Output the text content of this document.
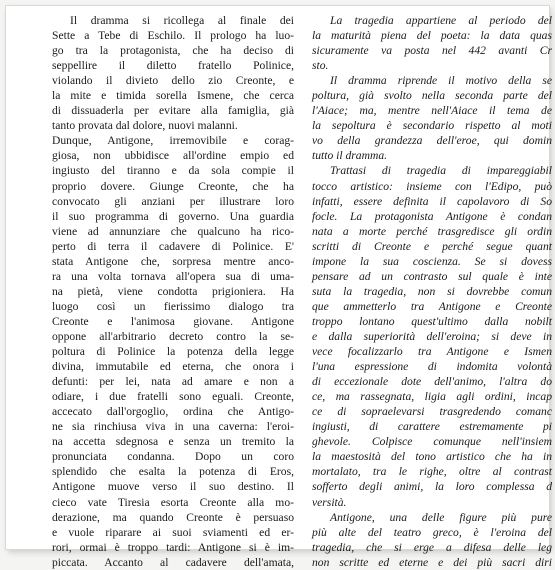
Il dramma si ricollega al finale dei
Sette a Tebe di Eschilo. Il prologo ha luo-
go tra la protagonista, che ha deciso di
seppellire il diletto fratello Polinice,
violando il divieto dello zio Creonte, e
la mite e timida sorella Ismene, che cerca
di dissuaderla per evitare alla famiglia, già
tanto provata dal dolore, nuovi malanni.
Dunque, Antigone, irremovibile e corag-
giosa, non ubbidisce all'ordine empio ed
ingiusto del tiranno e da sola compie il
proprio dovere. Giunge Creonte, che ha
convocato gli anziani per illustrare loro
il suo programma di governo. Una guardia
viene ad annunziare che qualcuno ha rico-
perto di terra il cadavere di Polinice. E'
stata Antigone che, sorpresa mentre anco-
ra una volta tornava all'opera sua di uma-
na pietà, viene condotta prigioniera. Ha
luogo così un fierissimo dialogo tra
Creonte e l'animosa giovane. Antigone
oppone all'arbitrario decreto contro la se-
poltura di Polinice la potenza della legge
divina, immutabile ed eterna, che onora i
defunti: per lei, nata ad amare e non a
odiare, i due fratelli sono eguali. Creonte,
accecato dall'orgoglio, ordina che Antigo-
ne sia rinchiusa viva in una caverna: l'eroi-
na accetta sdegnosa e senza un tremito la
pronunciata condanna. Dopo un coro
splendido che esalta la potenza di Eros,
Antigone muove verso il suo destino. Il
cieco vate Tiresia esorta Creonte alla mo-
derazione, ma quando Creonte è persuaso
e vuole riparare ai suoi sviamenti ed er-
rori, ormai è troppo tardi: Antigone si è im-
piccata. Accanto al cadavere dell'amata,
La tragedia appartiene al periodo del
la maturità piena del poeta: la data quas
sicuramente va posta nel 442 avanti Cr
sto.
Il dramma riprende il motivo della se
poltura, già svolto nella seconda parte del
l'Aiace; ma, mentre nell'Aiace il tema de
la sepoltura è secondario rispetto al moti
vo della grandezza dell'eroe, qui domin
tutto il dramma.
Trattasi di tragedia di impareggiabil
tocco artistico: insieme con l'Edipo, può
infatti, essere definita il capolavoro di So
focle. La protagonista Antigone è condan
nata a morte perché trasgredisce gli ordin
scritti di Creonte e perché segue quant
impone la sua coscienza. Se si dovess
pensare ad un contrasto sul quale è inte
suta la tragedia, non si dovrebbe comun
que ammetterlo tra Antigone e Creonte
troppo lontano quest'ultimo dalla nobilt
e dalla superiorità dell'eroina; si deve in
vece focalizzarlo tra Antigone e Ismen
l'una espressione di indomita volontà
di eccezionale dote dell'animo, l'altra do
ce, ma rassegnata, ligia agli ordini, incap
ce di sopraelevarsi trasgredendo comanc
ingiusti, di carattere estremamente pi
ghevole. Colpisce comunque nell'insiem
la maestosità del tono artistico che ha in
mortalato, tra le righe, oltre al contrast
sofferto degli animi, la loro complessa d
versità.
Antigone, una delle figure più pure
più alte del teatro greco, è l'eroina del
tragedia, che si erge a difesa delle leg
non scritte ed eterne e dei più sacri diri
